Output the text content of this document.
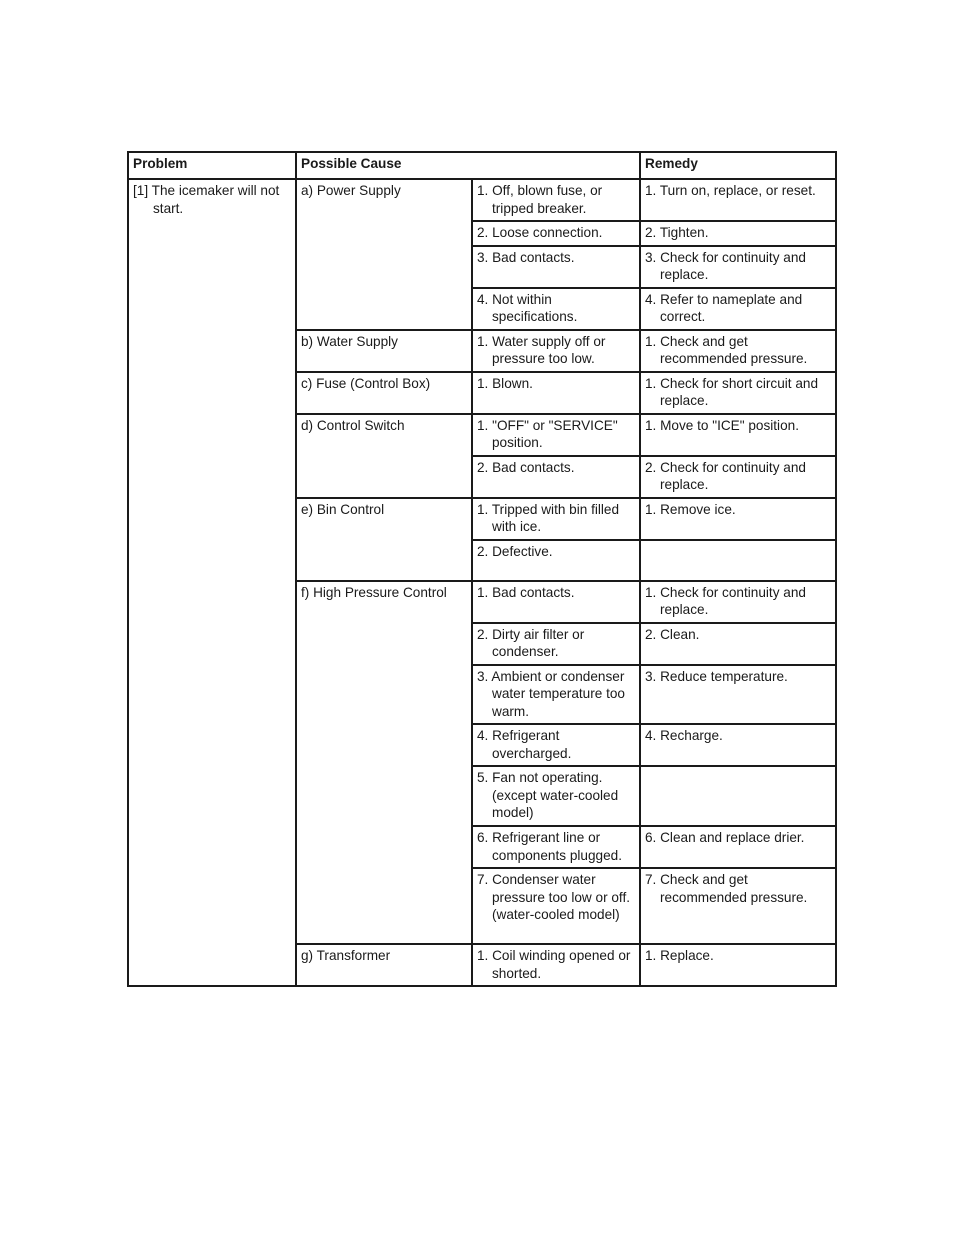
Problem	Possible Cause		Remedy

[1] The icemaker will not start.	a) Power Supply	1. Off, blown fuse, or tripped breaker.	1. Turn on, replace, or reset.

		2. Loose connection.	2. Tighten.

		3. Bad contacts.	3. Check for continuity and replace.

		4. Not within specifications.	4. Refer to nameplate and correct.

	b) Water Supply	1. Water supply off or pressure too low.	1. Check and get recommended pressure.

	c) Fuse (Control Box)	1. Blown.	1. Check for short circuit and replace.

	d) Control Switch	1. "OFF" or "SERVICE" position.	1. Move to "ICE" position.

		2. Bad contacts.	2. Check for continuity and replace.

	e) Bin Control	1. Tripped with bin filled with ice.	1. Remove ice.

		2. Defective.	

	f) High Pressure Control	1. Bad contacts.	1. Check for continuity and replace.

		2. Dirty air filter or condenser.	2. Clean.

		3. Ambient or condenser water temperature too warm.	3. Reduce temperature.

		4. Refrigerant overcharged.	4. Recharge.

		5. Fan not operating. (except water-cooled model)	

		6. Refrigerant line or components plugged.	6. Clean and replace drier.

		7. Condenser water pressure too low or off. (water-cooled model)	7. Check and get recommended pressure.

	g) Transformer	1. Coil winding opened or shorted.	1. Replace.
